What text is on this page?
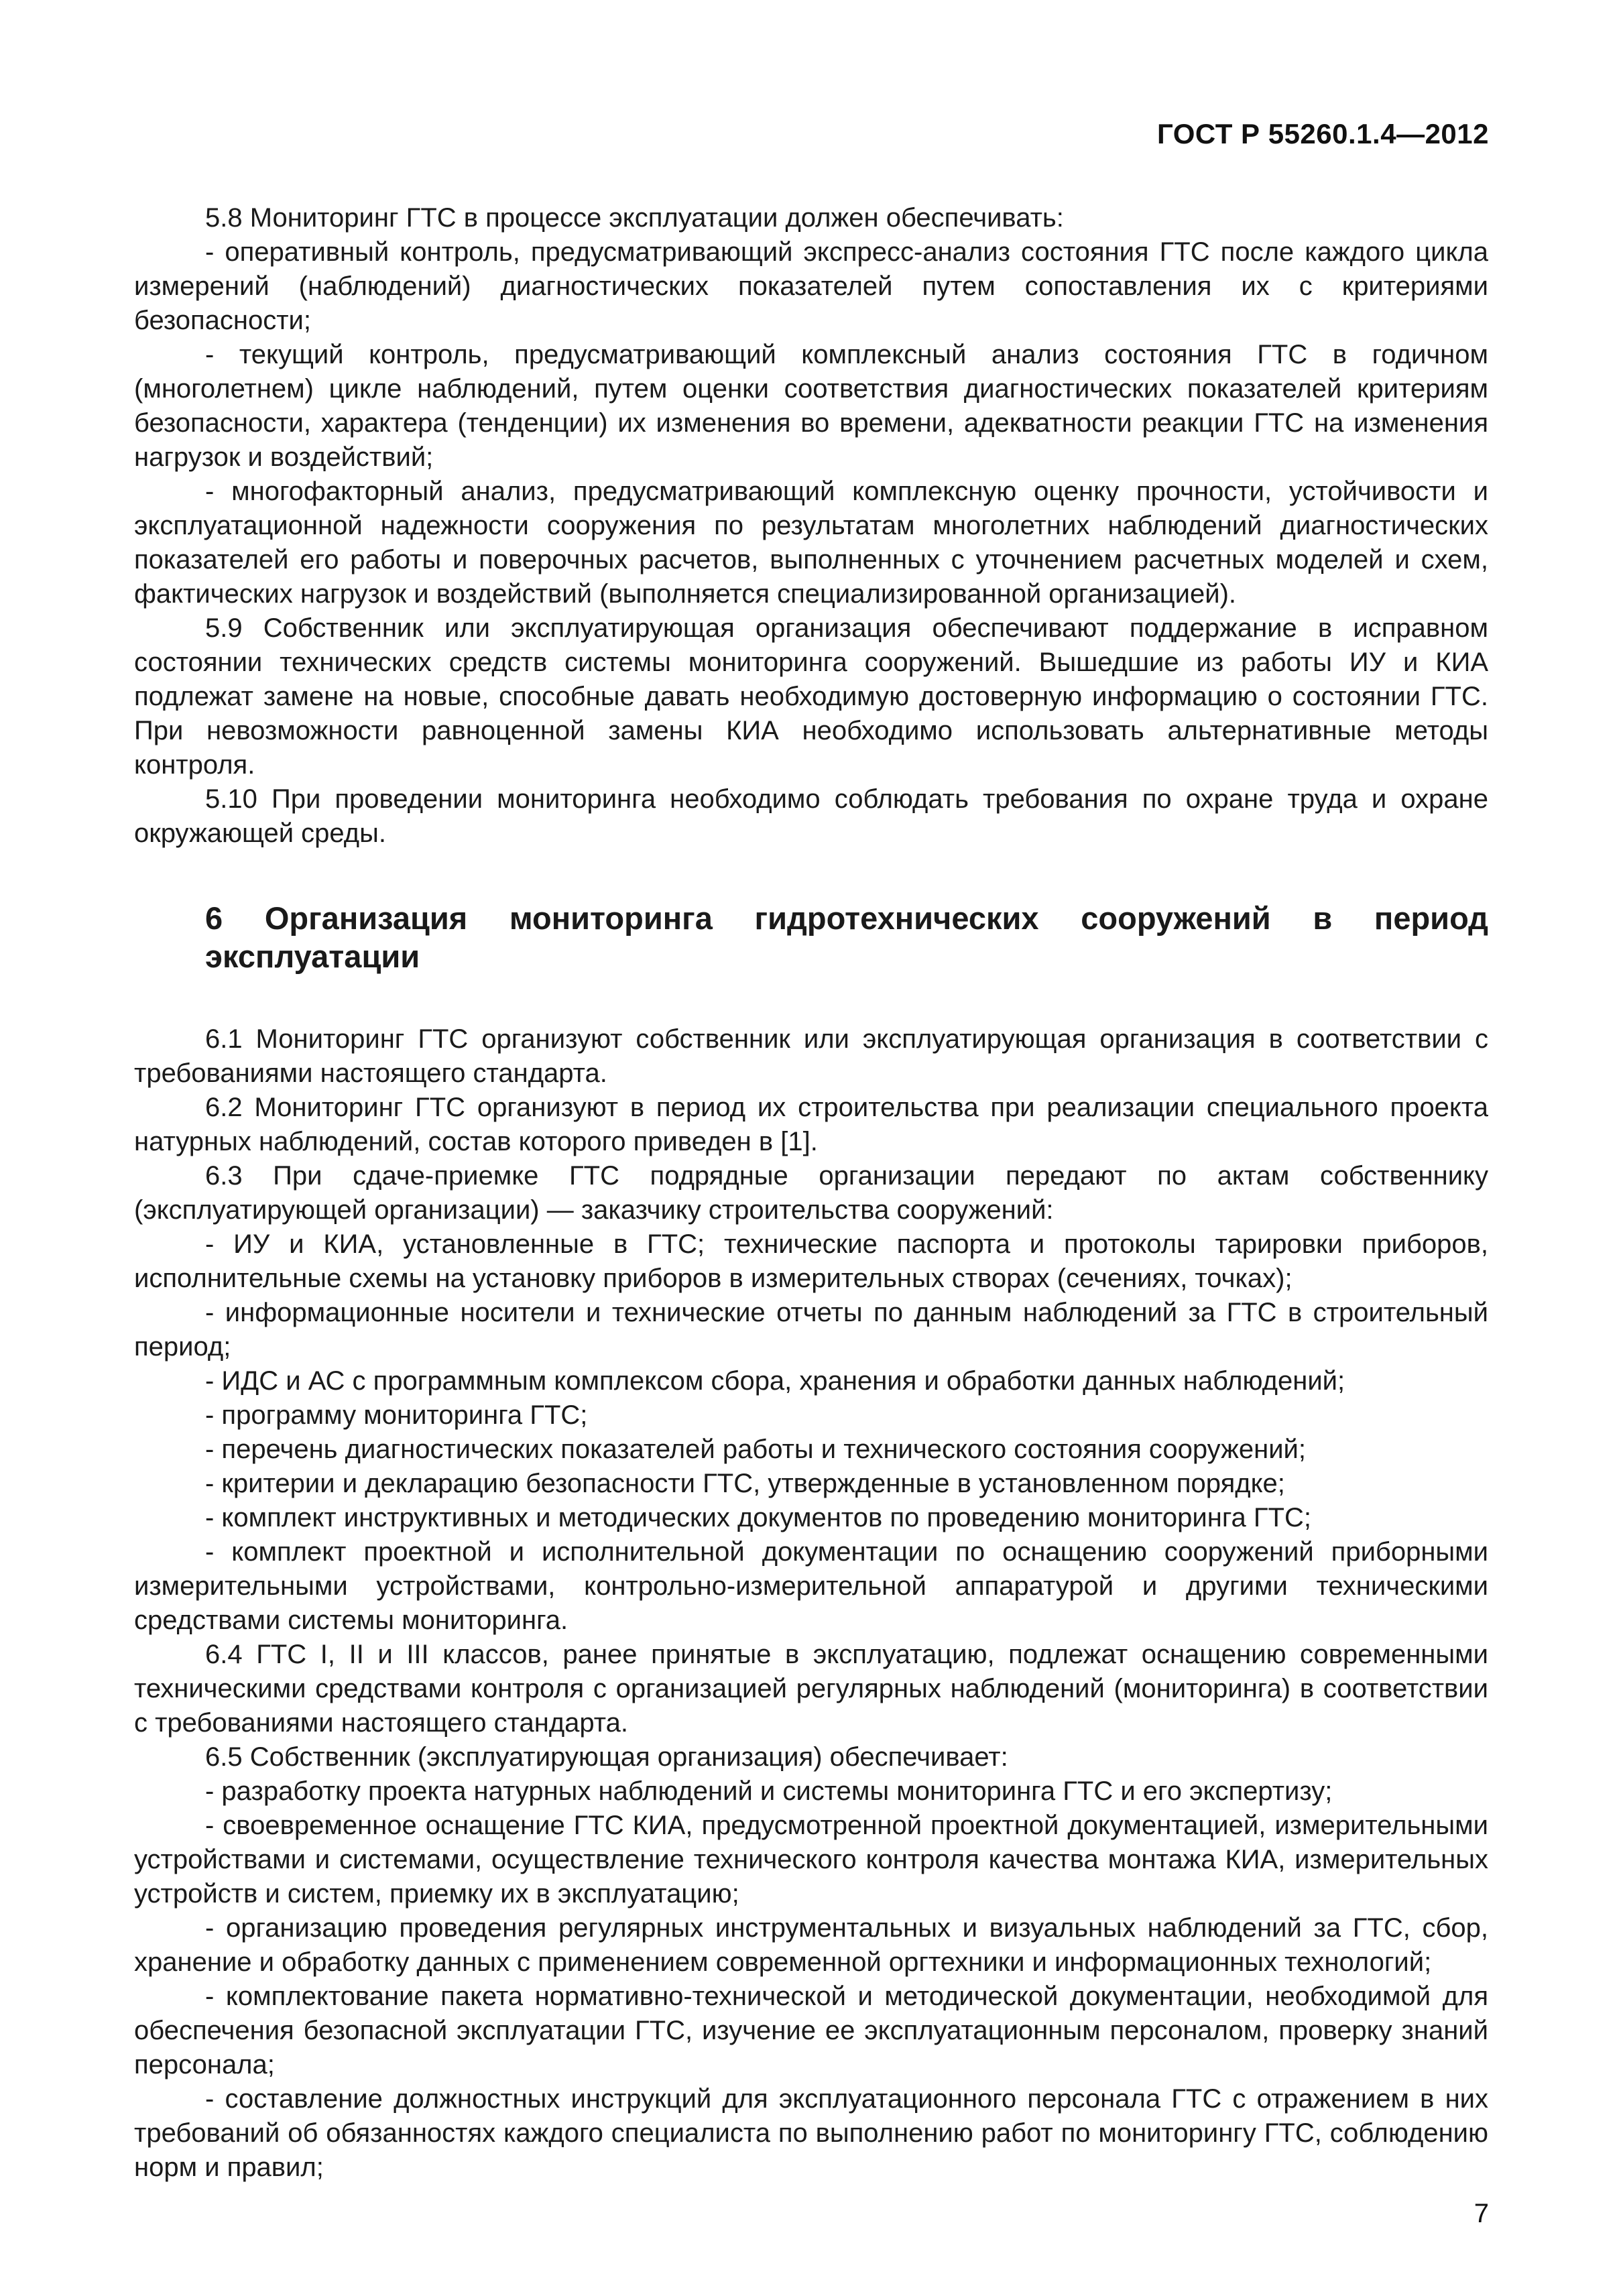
ГОСТ Р 55260.1.4—2012

5.8 Мониторинг ГТС в процессе эксплуатации должен обеспечивать:

- оперативный контроль, предусматривающий экспресс-анализ состояния ГТС после каждого цикла измерений (наблюдений) диагностических показателей путем сопоставления их с критериями безопасности;

- текущий контроль, предусматривающий комплексный анализ состояния ГТС в годичном (многолетнем) цикле наблюдений, путем оценки соответствия диагностических показателей критериям безопасности, характера (тенденции) их изменения во времени, адекватности реакции ГТС на изменения нагрузок и воздействий;

- многофакторный анализ, предусматривающий комплексную оценку прочности, устойчивости и эксплуатационной надежности сооружения по результатам многолетних наблюдений диагностических показателей его работы и поверочных расчетов, выполненных с уточнением расчетных моделей и схем, фактических нагрузок и воздействий (выполняется специализированной организацией).

5.9 Собственник или эксплуатирующая организация обеспечивают поддержание в исправном состоянии технических средств системы мониторинга сооружений. Вышедшие из работы ИУ и КИА подлежат замене на новые, способные давать необходимую достоверную информацию о состоянии ГТС. При невозможности равноценной замены КИА необходимо использовать альтернативные методы контроля.

5.10 При проведении мониторинга необходимо соблюдать требования по охране труда и охране окружающей среды.

6 Организация мониторинга гидротехнических сооружений в период эксплуатации

6.1 Мониторинг ГТС организуют собственник или эксплуатирующая организация в соответствии с требованиями настоящего стандарта.

6.2 Мониторинг ГТС организуют в период их строительства при реализации специального проекта натурных наблюдений, состав которого приведен в [1].

6.3 При сдаче-приемке ГТС подрядные организации передают по актам собственнику (эксплуатирующей организации) — заказчику строительства сооружений:

- ИУ и КИА, установленные в ГТС; технические паспорта и протоколы тарировки приборов, исполнительные схемы на установку приборов в измерительных створах (сечениях, точках);

- информационные носители и технические отчеты по данным наблюдений за ГТС в строительный период;

- ИДС и АС с программным комплексом сбора, хранения и обработки данных наблюдений;

- программу мониторинга ГТС;

- перечень диагностических показателей работы и технического состояния сооружений;

- критерии и декларацию безопасности ГТС, утвержденные в установленном порядке;

- комплект инструктивных и методических документов по проведению мониторинга ГТС;

- комплект проектной и исполнительной документации по оснащению сооружений приборными измерительными устройствами, контрольно-измерительной аппаратурой и другими техническими средствами системы мониторинга.

6.4 ГТС I, II и III классов, ранее принятые в эксплуатацию, подлежат оснащению современными техническими средствами контроля с организацией регулярных наблюдений (мониторинга) в соответствии с требованиями настоящего стандарта.

6.5 Собственник (эксплуатирующая организация) обеспечивает:

- разработку проекта натурных наблюдений и системы мониторинга ГТС и его экспертизу;

- своевременное оснащение ГТС КИА, предусмотренной проектной документацией, измерительными устройствами и системами, осуществление технического контроля качества монтажа КИА, измерительных устройств и систем, приемку их в эксплуатацию;

- организацию проведения регулярных инструментальных и визуальных наблюдений за ГТС, сбор, хранение и обработку данных с применением современной оргтехники и информационных технологий;

- комплектование пакета нормативно-технической и методической документации, необходимой для обеспечения безопасной эксплуатации ГТС, изучение ее эксплуатационным персоналом, проверку знаний персонала;

- составление должностных инструкций для эксплуатационного персонала ГТС с отражением в них требований об обязанностях каждого специалиста по выполнению работ по мониторингу ГТС, соблюдению норм и правил;

7
